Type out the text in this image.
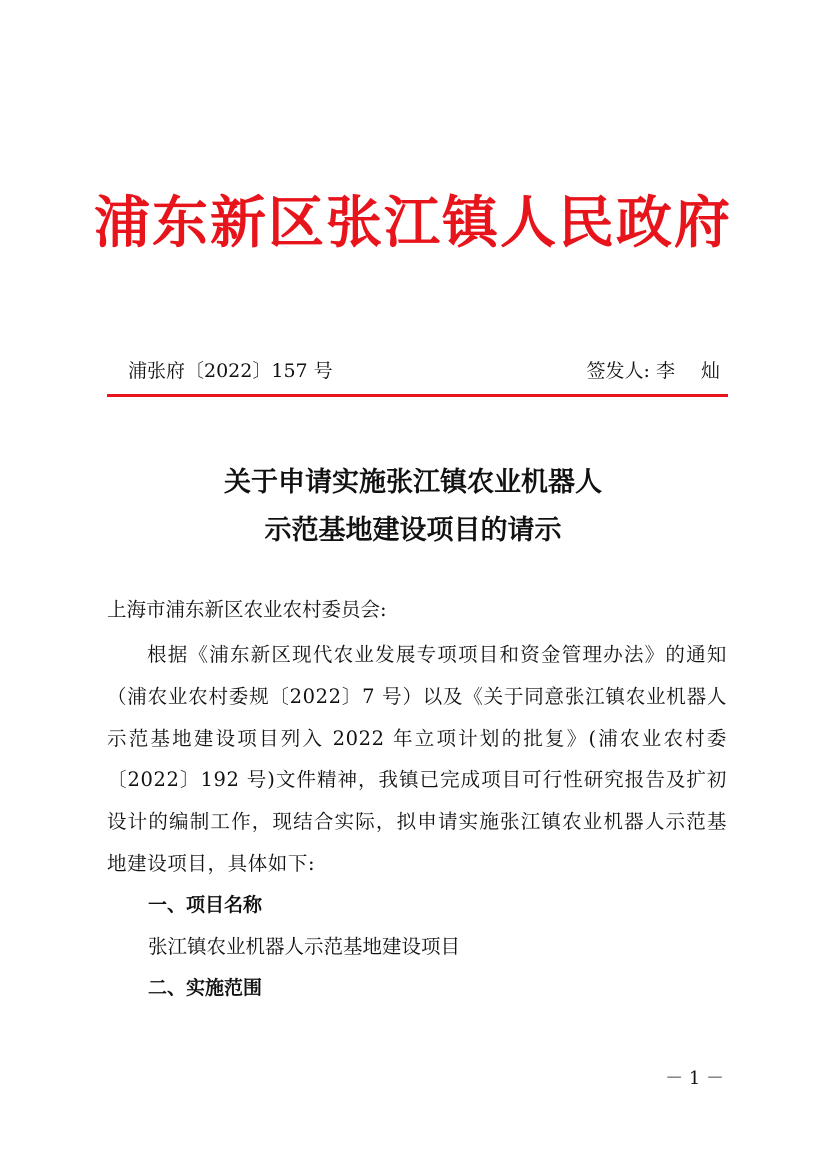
浦东新区张江镇人民政府
浦张府〔2022〕157 号	签发人: 李 灿
关于申请实施张江镇农业机器人
示范基地建设项目的请示
上海市浦东新区农业农村委员会:
根据《浦东新区现代农业发展专项项目和资金管理办法》的通知（浦农业农村委规〔2022〕7 号）以及《关于同意张江镇农业机器人示范基地建设项目列入 2022 年立项计划的批复》(浦农业农村委〔2022〕192 号)文件精神，我镇已完成项目可行性研究报告及扩初设计的编制工作，现结合实际，拟申请实施张江镇农业机器人示范基地建设项目，具体如下:
一、项目名称
张江镇农业机器人示范基地建设项目
二、实施范围
－ 1 －
